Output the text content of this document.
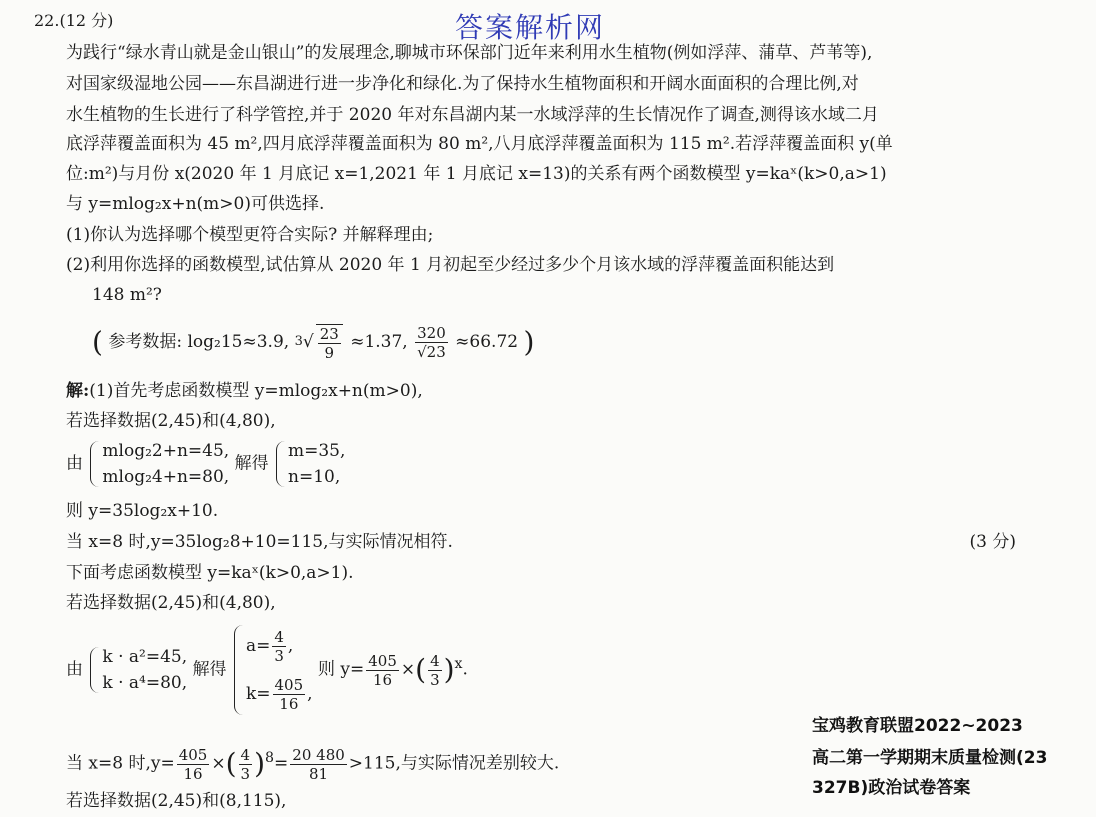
答案解析网
22.(12 分)
为践行“绿水青山就是金山银山”的发展理念,聊城市环保部门近年来利用水生植物(例如浮萍、蒲草、芦苇等),
对国家级湿地公园——东昌湖进行进一步净化和绿化.为了保持水生植物面积和开阔水面面积的合理比例,对
水生植物的生长进行了科学管控,并于 2020 年对东昌湖内某一水域浮萍的生长情况作了调查,测得该水域二月
底浮萍覆盖面积为 45 m²,四月底浮萍覆盖面积为 80 m²,八月底浮萍覆盖面积为 115 m².若浮萍覆盖面积 y(单
位:m²)与月份 x(2020 年 1 月底记 x=1,2021 年 1 月底记 x=13)的关系有两个函数模型 y=kaˣ(k>0,a>1)
与 y=mlog₂x+n(m>0)可供选择.
(1)你认为选择哪个模型更符合实际? 并解释理由;
(2)利用你选择的函数模型,试估算从 2020 年 1 月初起至少经过多少个月该水域的浮萍覆盖面积能达到
148 m²?
( 参考数据: log₂15≈3.9, $^3√ \frac{23}{9} \approx 1.37$, $\frac{320}{√23} \approx 66.72$ )
解:(1)首先考虑函数模型 y=mlog₂x+n(m>0),
若选择数据(2,45)和(4,80),
由 mlog₂2+n=45,
mlog₂4+n=80, 解得 m=35,
n=10,
则 y=35log₂x+10.
当 x=8 时,y=35log₂8+10=115,与实际情况相符.	(3 分)
下面考虑函数模型 y=kaˣ(k>0,a>1).
若选择数据(2,45)和(4,80),
由 k · a²=45,
k · a⁴=80, 解得 $a= \frac{4}{3}$ ,
$k= \frac{405}{16}$ , 则 $y= \frac{405}{16}$ ×( $\frac{4}{3} )^x$.
当 x=8 时$,y= \frac{405}{16}$ ×( $\frac{4}{3} )^8= \frac{20 480}{81} >115$,与实际情况差别较大.
若选择数据(2,45)和(8,115),
宝鸡教育联盟2022~2023
高二第一学期期末质量检测(23
327B)政治试卷答案
